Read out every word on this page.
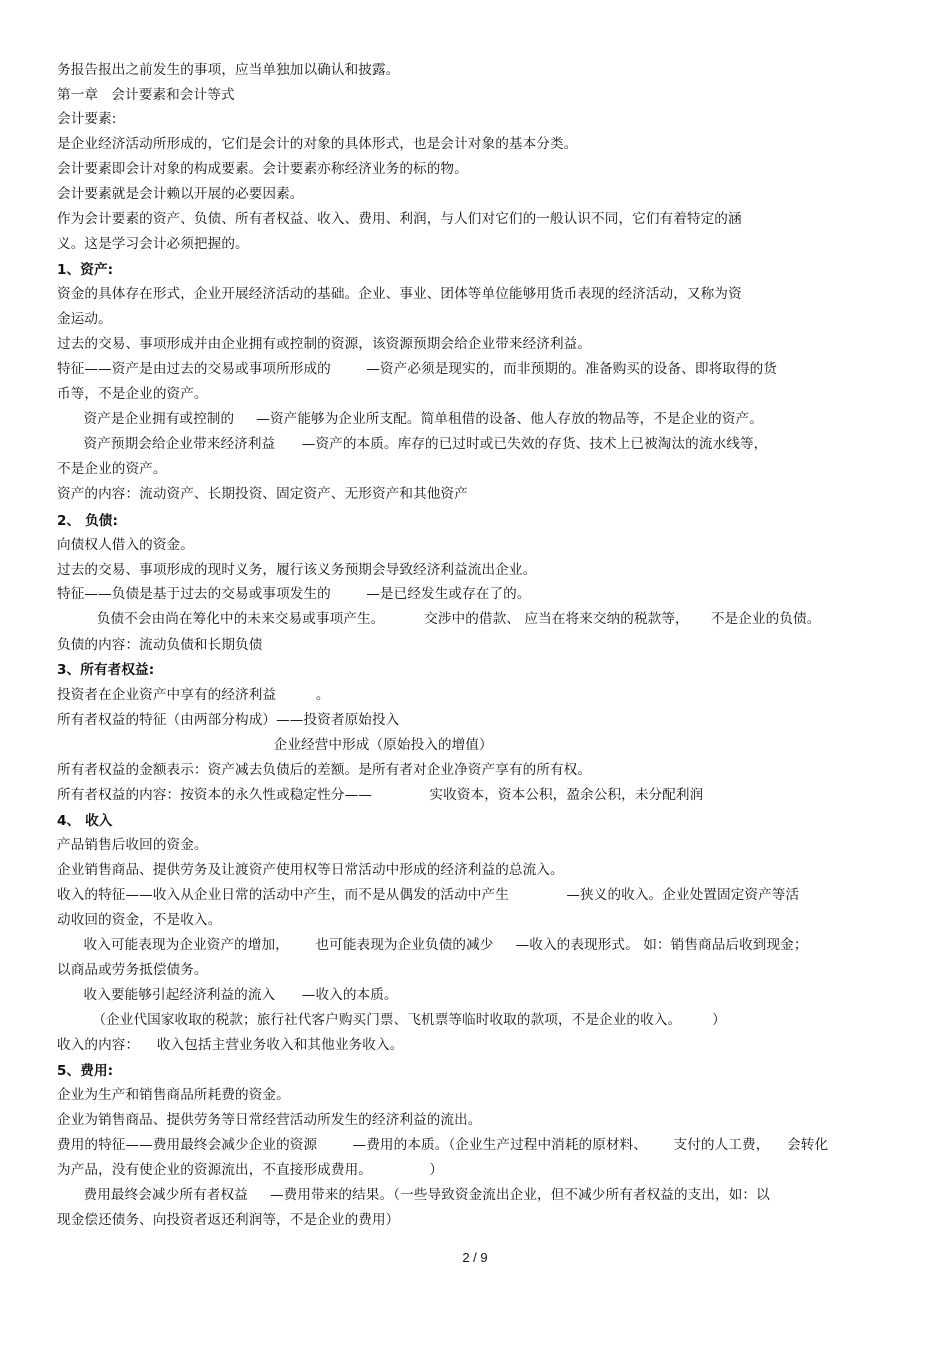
务报告报出之前发生的事项，应当单独加以确认和披露。
第一章   会计要素和会计等式
会计要素:
是企业经济活动所形成的，它们是会计的对象的具体形式，也是会计对象的基本分类。
会计要素即会计对象的构成要素。会计要素亦称经济业务的标的物。
会计要素就是会计赖以开展的必要因素。
作为会计要素的资产、负债、所有者权益、收入、费用、利润，与人们对它们的一般认识不同，它们有着特定的涵
义。这是学习会计必须把握的。
1、资产:
资金的具体存在形式，企业开展经济活动的基础。企业、事业、团体等单位能够用货币表现的经济活动，又称为资
金运动。
过去的交易、事项形成并由企业拥有或控制的资源，该资源预期会给企业带来经济利益。
特征——资产是由过去的交易或事项所形成的        —资产必须是现实的，而非预期的。准备购买的设备、即将取得的货
币等，不是企业的资产。
资产是企业拥有或控制的     —资产能够为企业所支配。简单租借的设备、他人存放的物品等，不是企业的资产。
资产预期会给企业带来经济利益      —资产的本质。库存的已过时或已失效的存货、技术上已被淘汰的流水线等，
不是企业的资产。
资产的内容：流动资产、长期投资、固定资产、无形资产和其他资产
2、 负债:
向债权人借入的资金。
过去的交易、事项形成的现时义务，履行该义务预期会导致经济利益流出企业。
特征——负债是基于过去的交易或事项发生的        —是已经发生或存在了的。
负债不会由尚在筹化中的未来交易或事项产生。         交涉中的借款、 应当在将来交纳的税款等，     不是企业的负债。
负债的内容：流动负债和长期负债
3、所有者权益:
投资者在企业资产中享有的经济利益         。
所有者权益的特征（由两部分构成）——投资者原始投入
企业经营中形成（原始投入的增值）
所有者权益的金额表示：资产减去负债后的差额。是所有者对企业净资产享有的所有权。
所有者权益的内容：按资本的永久性或稳定性分——             实收资本，资本公积，盈余公积，未分配利润
4、 收入
产品销售后收回的资金。
企业销售商品、提供劳务及让渡资产使用权等日常活动中形成的经济利益的总流入。
收入的特征——收入从企业日常的活动中产生，而不是从偶发的活动中产生             —狭义的收入。企业处置固定资产等活
动收回的资金，不是收入。
收入可能表现为企业资产的增加，      也可能表现为企业负债的减少     —收入的表现形式。 如：销售商品后收到现金；
以商品或劳务抵偿债务。
收入要能够引起经济利益的流入      —收入的本质。
（企业代国家收取的税款；旅行社代客户购买门票、飞机票等临时收取的款项，不是企业的收入。       ）
收入的内容：    收入包括主营业务收入和其他业务收入。
5、费用:
企业为生产和销售商品所耗费的资金。
企业为销售商品、提供劳务等日常经营活动所发生的经济利益的流出。
费用的特征——费用最终会减少企业的资源        —费用的本质。（企业生产过程中消耗的原材料、      支付的人工费，    会转化
为产品，没有使企业的资源流出，不直接形成费用。             ）
费用最终会减少所有者权益     —费用带来的结果。（一些导致资金流出企业，但不减少所有者权益的支出，如：以
现金偿还债务、向投资者返还利润等，不是企业的费用）
2 / 9
